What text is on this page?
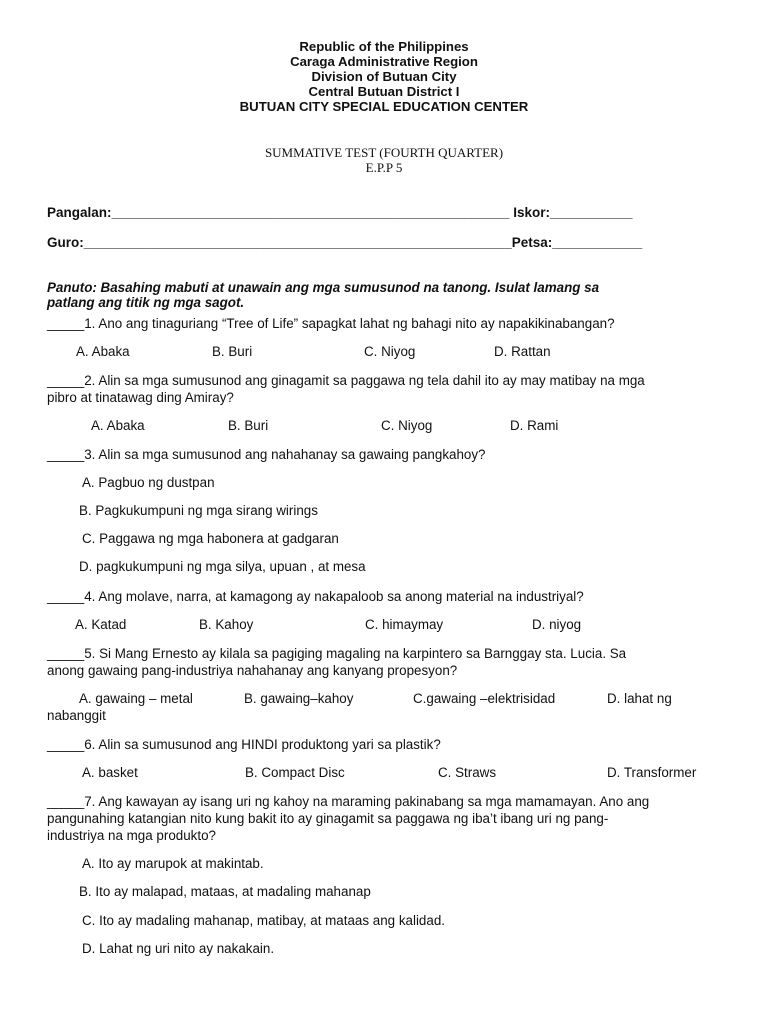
Republic of the Philippines
Caraga Administrative Region
Division of Butuan City
Central Butuan District I
BUTUAN CITY SPECIAL EDUCATION CENTER
SUMMATIVE TEST (FOURTH QUARTER)
E.P.P 5
Pangalan:_____________________________________________________ Iskor:___________
Guro:_________________________________________________________Petsa:____________
Panuto: Basahing mabuti at unawain ang mga sumusunod na tanong. Isulat lamang sa
patlang ang titik ng mga sagot.
_____1. Ano ang tinaguriang “Tree of Life” sapagkat lahat ng bahagi nito ay napakikinabangan?
A. Abaka	B. Buri	C. Niyog	D. Rattan
_____2. Alin sa mga sumusunod ang ginagamit sa paggawa ng tela dahil ito ay may matibay na mga
pibro at tinatawag ding Amiray?
A. Abaka	B. Buri	C. Niyog	D. Rami
_____3. Alin sa mga sumusunod ang nahahanay sa gawaing pangkahoy?
A. Pagbuo ng dustpan
B. Pagkukumpuni ng mga sirang wirings
C. Paggawa ng mga habonera at gadgaran
D. pagkukumpuni ng mga silya, upuan , at mesa
_____4. Ang molave, narra, at kamagong ay nakapaloob sa anong material na industriyal?
A. Katad	B. Kahoy	C. himaymay	D. niyog
_____5. Si Mang Ernesto ay kilala sa pagiging magaling na karpintero sa Barnggay sta. Lucia. Sa
anong gawaing pang-industriya nahahanay ang kanyang propesyon?
A. gawaing – metal	B. gawaing–kahoy	C.gawaing –elektrisidad	D. lahat ng
nabanggit
_____6. Alin sa sumusunod ang HINDI produktong yari sa plastik?
A. basket	B. Compact Disc	C. Straws	D. Transformer
_____7. Ang kawayan ay isang uri ng kahoy na maraming pakinabang sa mga mamamayan. Ano ang
pangunahing katangian nito kung bakit ito ay ginagamit sa paggawa ng iba’t ibang uri ng pang-
industriya na mga produkto?
A. Ito ay marupok at makintab.
B. Ito ay malapad, mataas, at madaling mahanap
C. Ito ay madaling mahanap, matibay, at mataas ang kalidad.
D. Lahat ng uri nito ay nakakain.
